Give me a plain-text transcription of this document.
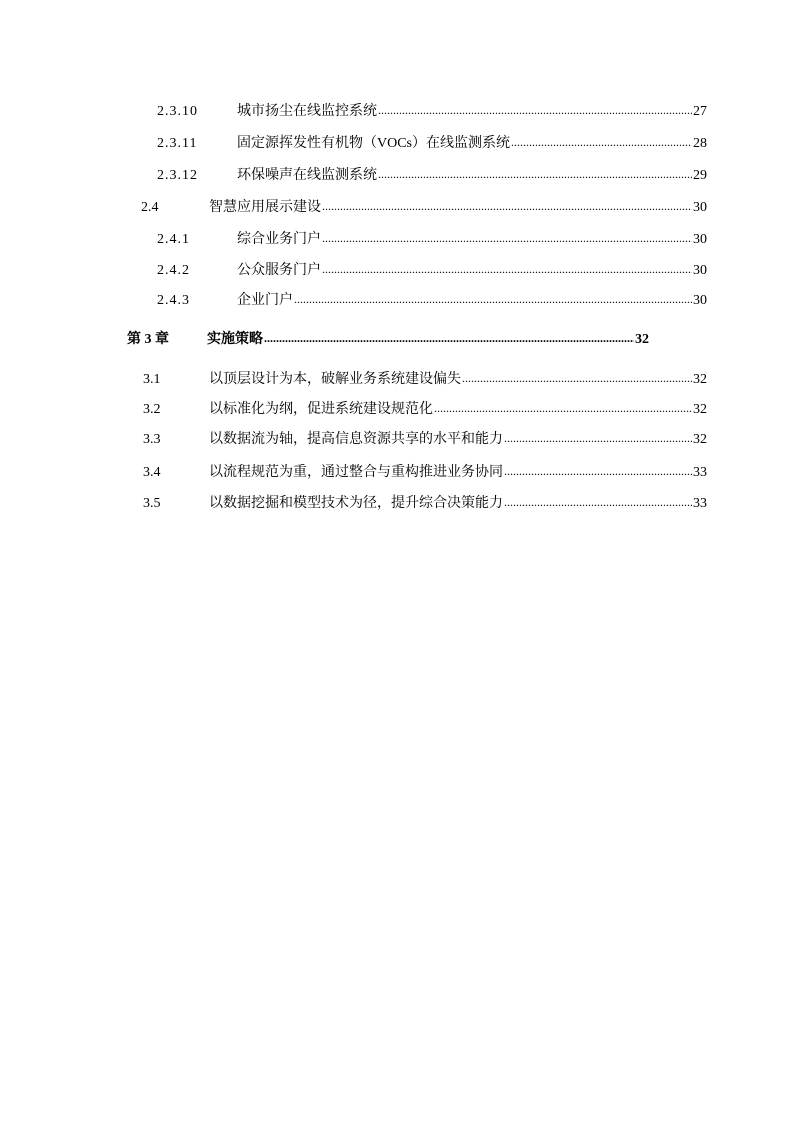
2.3.10	城市扬尘在线监控系统 .....	27
2.3.11	固定源挥发性有机物（VOCs）在线监测系统 .....	28
2.3.12	环保噪声在线监测系统 .....	29
2.4	智慧应用展示建设 .....	30
2.4.1	综合业务门户 .....	30
2.4.2	公众服务门户 .....	30
2.4.3	企业门户 .....	30
第 3 章	实施策略 .....	32
3.1	以顶层设计为本，破解业务系统建设偏失 .....	32
3.2	以标准化为纲，促进系统建设规范化 .....	32
3.3	以数据流为轴，提高信息资源共享的水平和能力 .....	32
3.4	以流程规范为重，通过整合与重构推进业务协同 .....	33
3.5	以数据挖掘和模型技术为径，提升综合决策能力 .....	33
